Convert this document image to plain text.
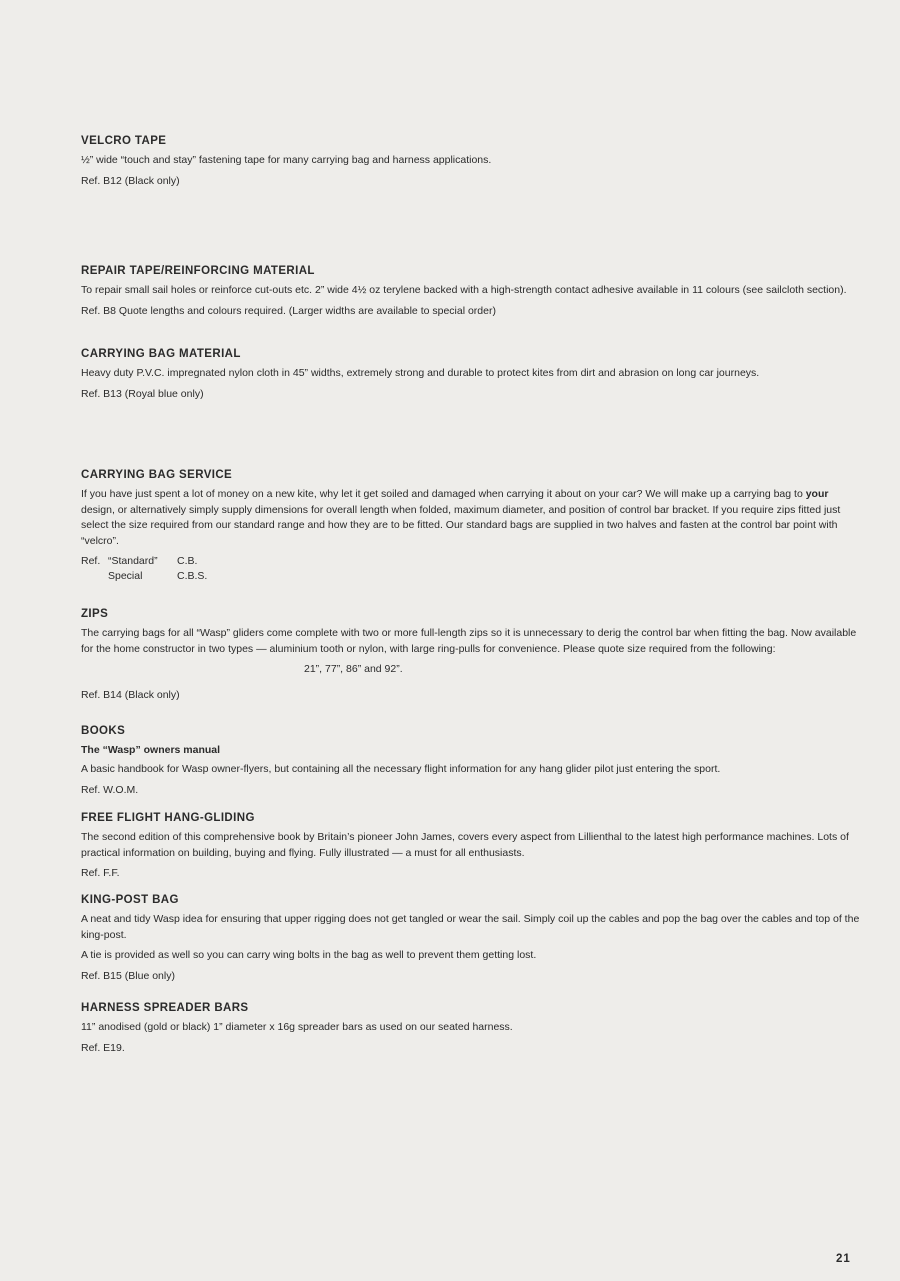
VELCRO TAPE

½” wide “touch and stay” fastening tape for many carrying bag and harness applications.

Ref. B12 (Black only)

REPAIR TAPE/REINFORCING MATERIAL

To repair small sail holes or reinforce cut-outs etc. 2” wide 4½ oz terylene backed with a high-strength contact adhesive available in 11 colours (see sailcloth section).

Ref. B8 Quote lengths and colours required. (Larger widths are available to special order)

CARRYING BAG MATERIAL

Heavy duty P.V.C. impregnated nylon cloth in 45” widths, extremely strong and durable to protect kites from dirt and abrasion on long car journeys.

Ref. B13 (Royal blue only)

CARRYING BAG SERVICE

If you have just spent a lot of money on a new kite, why let it get soiled and damaged when carrying it about on your car? We will make up a carrying bag to your design, or alternatively simply supply dimensions for overall length when folded, maximum diameter, and position of control bar bracket. If you require zips fitted just select the size required from our standard range and how they are to be fitted. Our standard bags are supplied in two halves and fasten at the control bar point with “velcro”.

Ref. “Standard”	C.B.
Special	C.B.S.

ZIPS

The carrying bags for all “Wasp” gliders come complete with two or more full-length zips so it is unnecessary to derig the control bar when fitting the bag. Now available for the home constructor in two types — aluminium tooth or nylon, with large ring-pulls for convenience. Please quote size required from the following:

21”, 77”, 86” and 92”.

Ref. B14 (Black only)

BOOKS

The “Wasp” owners manual

A basic handbook for Wasp owner-flyers, but containing all the necessary flight information for any hang glider pilot just entering the sport.

Ref. W.O.M.

FREE FLIGHT HANG-GLIDING

The second edition of this comprehensive book by Britain’s pioneer John James, covers every aspect from Lillienthal to the latest high performance machines. Lots of practical information on building, buying and flying. Fully illustrated — a must for all enthusiasts.

Ref. F.F.

KING-POST BAG

A neat and tidy Wasp idea for ensuring that upper rigging does not get tangled or wear the sail. Simply coil up the cables and pop the bag over the cables and top of the king-post.

A tie is provided as well so you can carry wing bolts in the bag as well to prevent them getting lost.

Ref. B15 (Blue only)

HARNESS SPREADER BARS

11” anodised (gold or black) 1” diameter x 16g spreader bars as used on our seated harness.

Ref. E19.

21
